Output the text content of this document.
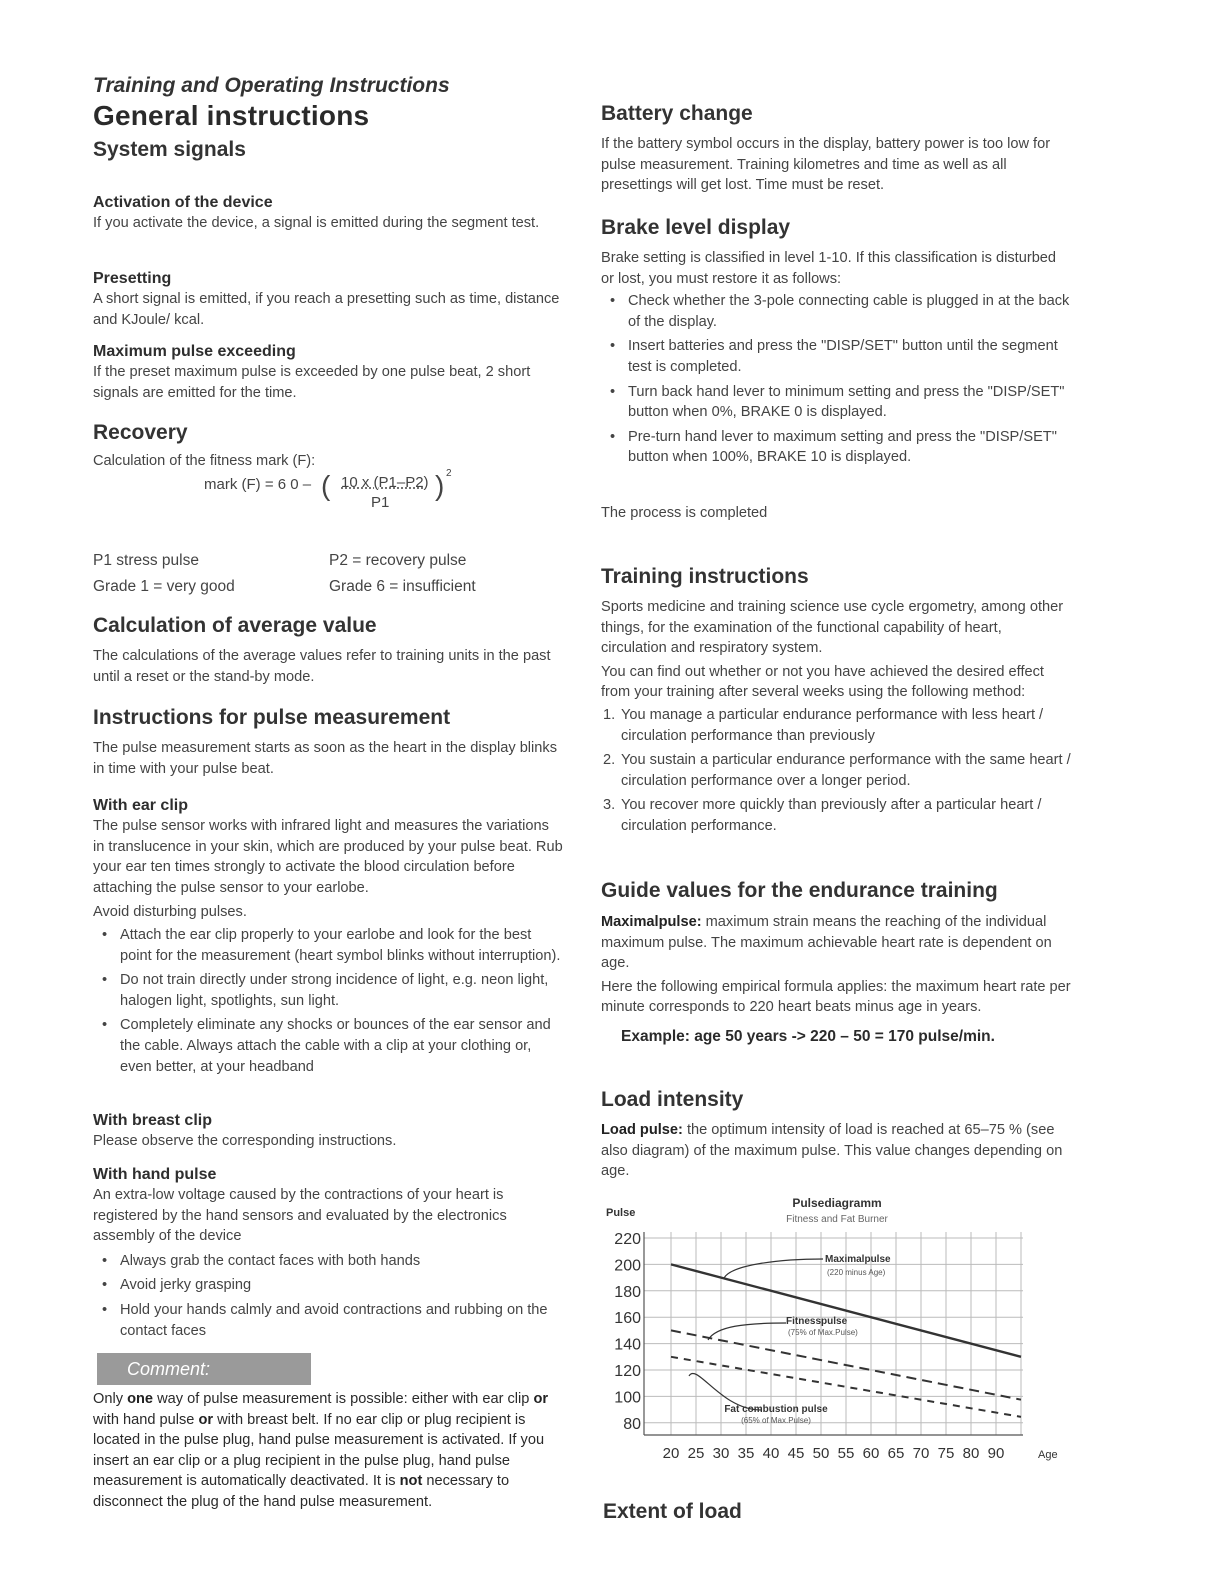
Training and Operating Instructions
General instructions
System signals
Activation of the device

If you activate the device, a signal is emitted during the segment test.

Presetting

A short signal is emitted, if you reach a presetting such as time, distance and KJoule/ kcal.

Maximum pulse exceeding

If the preset maximum pulse is exceeded by one pulse beat, 2 short signals are emitted for the time.

Recovery

Calculation of the fitness mark (F):

mark (F) = 6 0 – ( 10 x (P1–P2)
P1
) 2

P1 stress pulse	P2 = recovery pulse

Grade 1 = very good	Grade 6 = insufficient

Calculation of average value

The calculations of the average values refer to training units in the past until a reset or the stand-by mode.

Instructions for pulse measurement

The pulse measurement starts as soon as the heart in the display blinks in time with your pulse beat.

With ear clip

The pulse sensor works with infrared light and measures the variations in translucence in your skin, which are produced by your pulse beat. Rub your ear ten times strongly to activate the blood circulation before attaching the pulse sensor to your earlobe.

Avoid disturbing pulses.

• Attach the ear clip properly to your earlobe and look for the best point for the measurement (heart symbol blinks without interruption).
• Do not train directly under strong incidence of light, e.g. neon light, halogen light, spotlights, sun light.
• Completely eliminate any shocks or bounces of the ear sensor and the cable. Always attach the cable with a clip at your clothing or, even better, at your headband
With breast clip

Please observe the corresponding instructions.

With hand pulse

An extra-low voltage caused by the contractions of your heart is registered by the hand sensors and evaluated by the electronics assembly of the device

• Always grab the contact faces with both hands
• Avoid jerky grasping
• Hold your hands calmly and avoid contractions and rubbing on the contact faces
Comment:

Only one way of pulse measurement is possible: either with ear clip or with hand pulse or with breast belt. If no ear clip or plug recipient is located in the pulse plug, hand pulse measurement is activated. If you insert an ear clip or a plug recipient in the pulse plug, hand pulse measurement is automatically deactivated. It is not necessary to disconnect the plug of the hand pulse measurement.

Battery change

If the battery symbol occurs in the display, battery power is too low for pulse measurement. Training kilometres and time as well as all presettings will get lost. Time must be reset.

Brake level display

Brake setting is classified in level 1-10. If this classification is disturbed or lost, you must restore it as follows:

• Check whether the 3-pole connecting cable is plugged in at the back of the display.
• Insert batteries and press the "DISP/SET" button until the segment test is completed.
• Turn back hand lever to minimum setting and press the "DISP/SET" button when 0%, BRAKE 0 is displayed.
• Pre-turn hand lever to maximum setting and press the "DISP/SET" button when 100%, BRAKE 10 is displayed.

The process is completed

Training instructions

Sports medicine and training science use cycle ergometry, among other things, for the examination of the functional capability of heart, circulation and respiratory system.

You can find out whether or not you have achieved the desired effect from your training after several weeks using the following method:

1. You manage a particular endurance performance with less heart / circulation performance than previously
2. You sustain a particular endurance performance with the same heart / circulation performance over a longer period.
3. You recover more quickly than previously after a particular heart / circulation performance.
Guide values for the endurance training

Maximalpulse: maximum strain means the reaching of the individual maximum pulse. The maximum achievable heart rate is dependent on age.

Here the following empirical formula applies: the maximum heart rate per minute corresponds to 220 heart beats minus age in years.

Example: age 50 years -> 220 – 50 = 170 pulse/min.

Load intensity

Load pulse: the optimum intensity of load is reached at 65–75 % (see also diagram) of the maximum pulse. This value changes depending on age.

80
100
120
140
160
180
200
220
20 25 30 35 40 45 50 55 60 65 70 75 80 90
Pulse
Age
Pulsediagramm
Fitness and Fat Burner
Maximalpulse
(220 minus Age)
Fitnesspulse
(75% of Max.Pulse)
Fat combustion pulse
(65% of Max.Pulse)
Extent of load
